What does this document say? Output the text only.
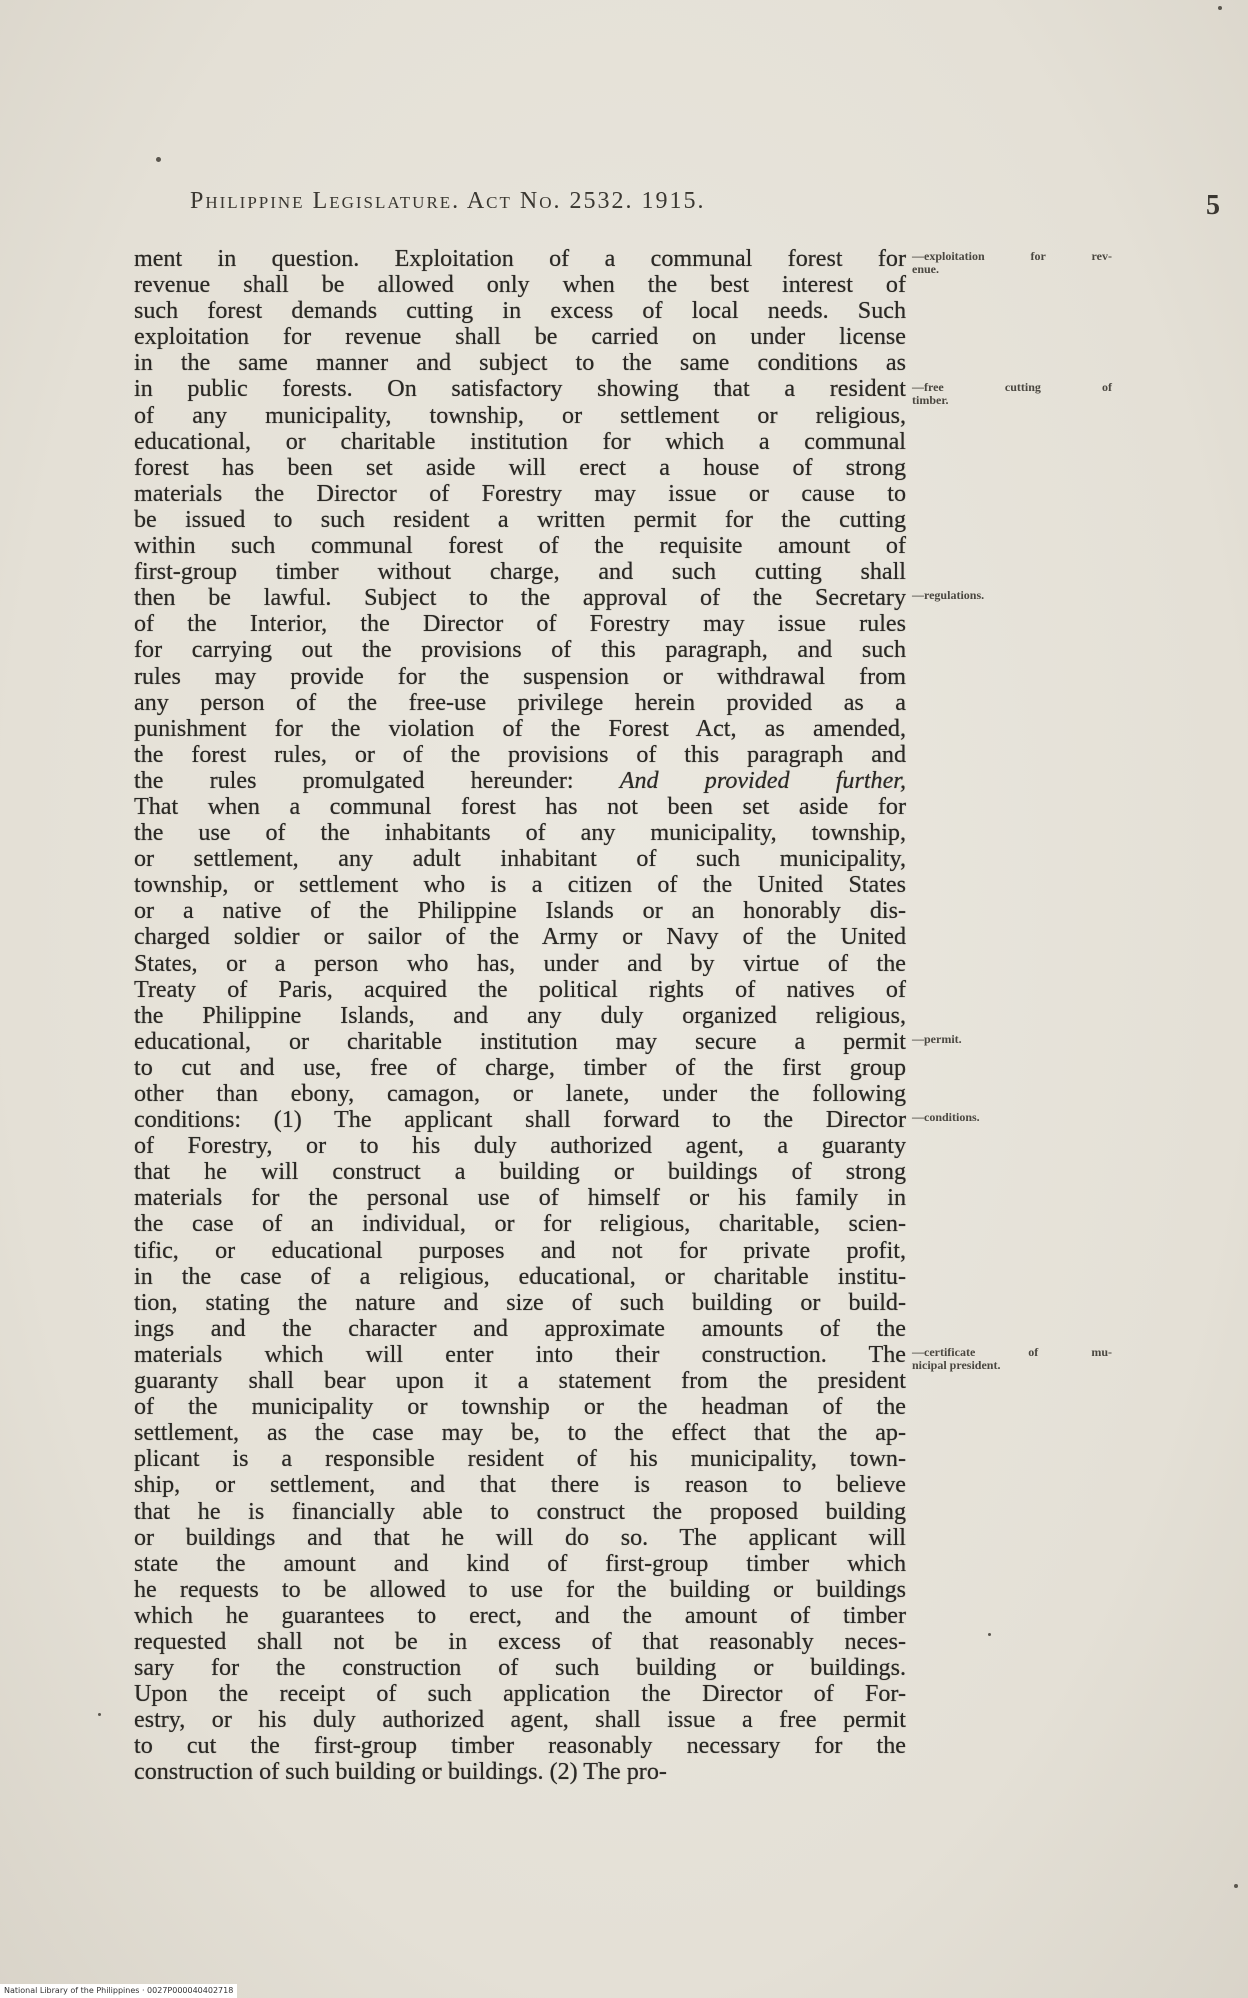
Philippine Legislature. Act No. 2532. 1915.	5
ment in question. Exploitation of a communal forest for
revenue shall be allowed only when the best interest of
such forest demands cutting in excess of local needs. Such
exploitation for revenue shall be carried on under license
in the same manner and subject to the same conditions as
in public forests. On satisfactory showing that a resident
of any municipality, township, or settlement or religious,
educational, or charitable institution for which a communal
forest has been set aside will erect a house of strong
materials the Director of Forestry may issue or cause to
be issued to such resident a written permit for the cutting
within such communal forest of the requisite amount of
first-group timber without charge, and such cutting shall
then be lawful. Subject to the approval of the Secretary
of the Interior, the Director of Forestry may issue rules
for carrying out the provisions of this paragraph, and such
rules may provide for the suspension or withdrawal from
any person of the free-use privilege herein provided as a
punishment for the violation of the Forest Act, as amended,
the forest rules, or of the provisions of this paragraph and
the rules promulgated hereunder: And provided further,
That when a communal forest has not been set aside for
the use of the inhabitants of any municipality, township,
or settlement, any adult inhabitant of such municipality,
township, or settlement who is a citizen of the United States
or a native of the Philippine Islands or an honorably dis-
charged soldier or sailor of the Army or Navy of the United
States, or a person who has, under and by virtue of the
Treaty of Paris, acquired the political rights of natives of
the Philippine Islands, and any duly organized religious,
educational, or charitable institution may secure a permit
to cut and use, free of charge, timber of the first group
other than ebony, camagon, or lanete, under the following
conditions: (1) The applicant shall forward to the Director
of Forestry, or to his duly authorized agent, a guaranty
that he will construct a building or buildings of strong
materials for the personal use of himself or his family in
the case of an individual, or for religious, charitable, scien-
tific, or educational purposes and not for private profit,
in the case of a religious, educational, or charitable institu-
tion, stating the nature and size of such building or build-
ings and the character and approximate amounts of the
materials which will enter into their construction. The
guaranty shall bear upon it a statement from the president
of the municipality or township or the headman of the
settlement, as the case may be, to the effect that the ap-
plicant is a responsible resident of his municipality, town-
ship, or settlement, and that there is reason to believe
that he is financially able to construct the proposed building
or buildings and that he will do so. The applicant will
state the amount and kind of first-group timber which
he requests to be allowed to use for the building or buildings
which he guarantees to erect, and the amount of timber
requested shall not be in excess of that reasonably neces-
sary for the construction of such building or buildings.
Upon the receipt of such application the Director of For-
estry, or his duly authorized agent, shall issue a free permit
to cut the first-group timber reasonably necessary for the
construction of such building or buildings. (2) The pro-
—exploitation for rev-
enue.
—free cutting of
timber.
—regulations.
—permit.
—conditions.
—certificate of mu-
nicipal president.
National Library of the Philippines · 0027P000040402718
